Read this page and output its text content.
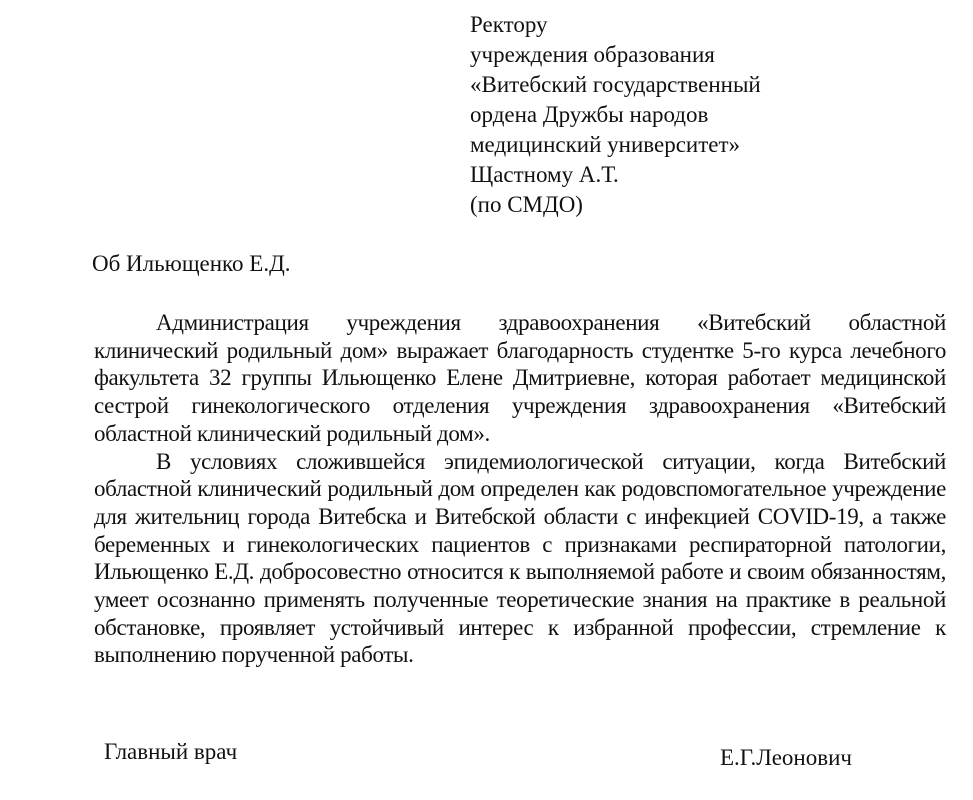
Ректору
учреждения образования
«Витебский государственный
ордена Дружбы народов
медицинский университет»
Щастному А.Т.
(по СМДО)
Об Ильющенко Е.Д.

Администрация учреждения здравоохранения «Витебский областной клинический родильный дом» выражает благодарность студентке 5-го курса лечебного факультета 32 группы Ильющенко Елене Дмитриевне, которая работает медицинской сестрой гинекологического отделения учреждения здравоохранения «Витебский областной клинический родильный дом».

В условиях сложившейся эпидемиологической ситуации, когда Витебский областной клинический родильный дом определен как родовспомогательное учреждение для жительниц города Витебска и Витебской области с инфекцией COVID-19, а также беременных и гинекологических пациентов с признаками респираторной патологии, Ильющенко Е.Д. добросовестно относится к выполняемой работе и своим обязанностям, умеет осознанно применять полученные теоретические знания на практике в реальной обстановке, проявляет устойчивый интерес к избранной профессии, стремление к выполнению порученной работы.

Главный врач	Е.Г.Леонович
